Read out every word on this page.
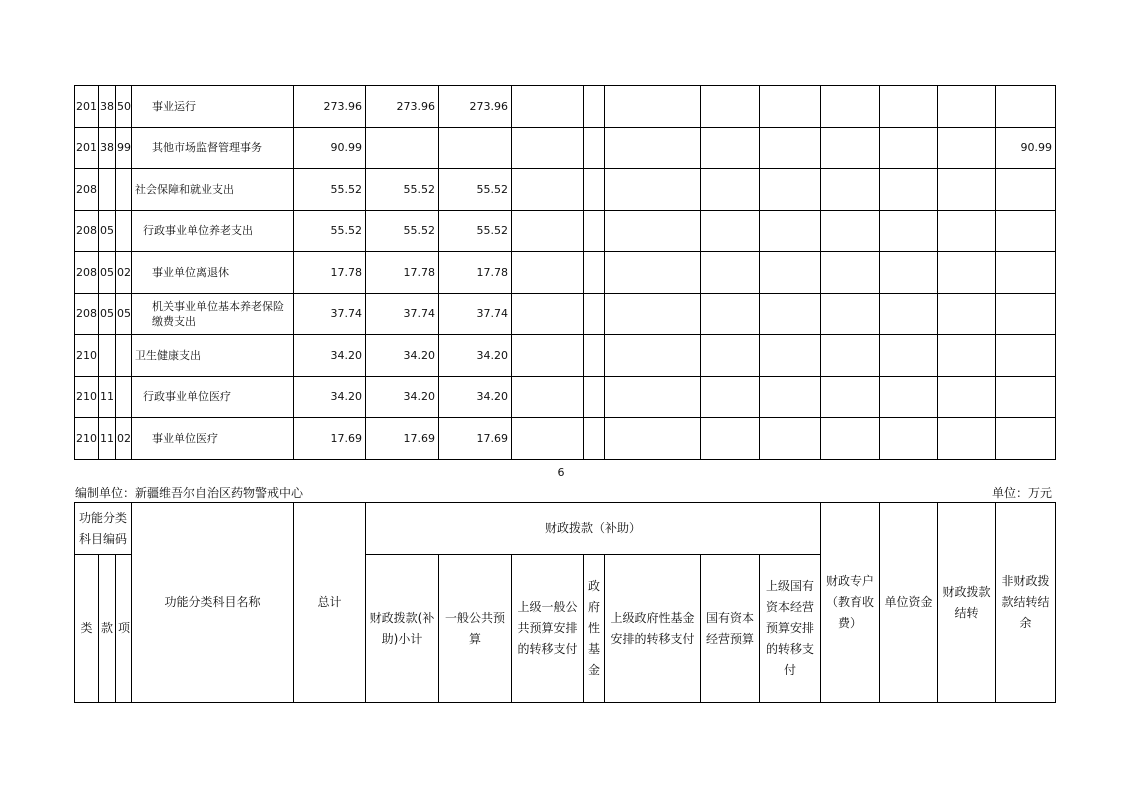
201	38	50	事业运行	273.96	273.96	273.96									
201	38	99	其他市场监督管理事务	90.99											90.99
208			社会保障和就业支出	55.52	55.52	55.52									
208	05		行政事业单位养老支出	55.52	55.52	55.52									
208	05	02	事业单位离退休	17.78	17.78	17.78									
208	05	05	机关事业单位基本养老保险缴费支出	37.74	37.74	37.74									
210			卫生健康支出	34.20	34.20	34.20									
210	11		行政事业单位医疗	34.20	34.20	34.20									
210	11	02	事业单位医疗	17.69	17.69	17.69									
6
编制单位：新疆维吾尔自治区药物警戒中心	单位：万元
功能分类科目编码			功能分类科目名称	总计	财政拨款（补助）							财政专户（教育收费）	单位资金	财政拨款结转	非财政拨款结转结余
类	款	项			财政拨款(补助)小计	一般公共预算	上级一般公共预算安排的转移支付	政府性基金	上级政府性基金安排的转移支付	国有资本经营预算	上级国有资本经营预算安排的转移支付				
